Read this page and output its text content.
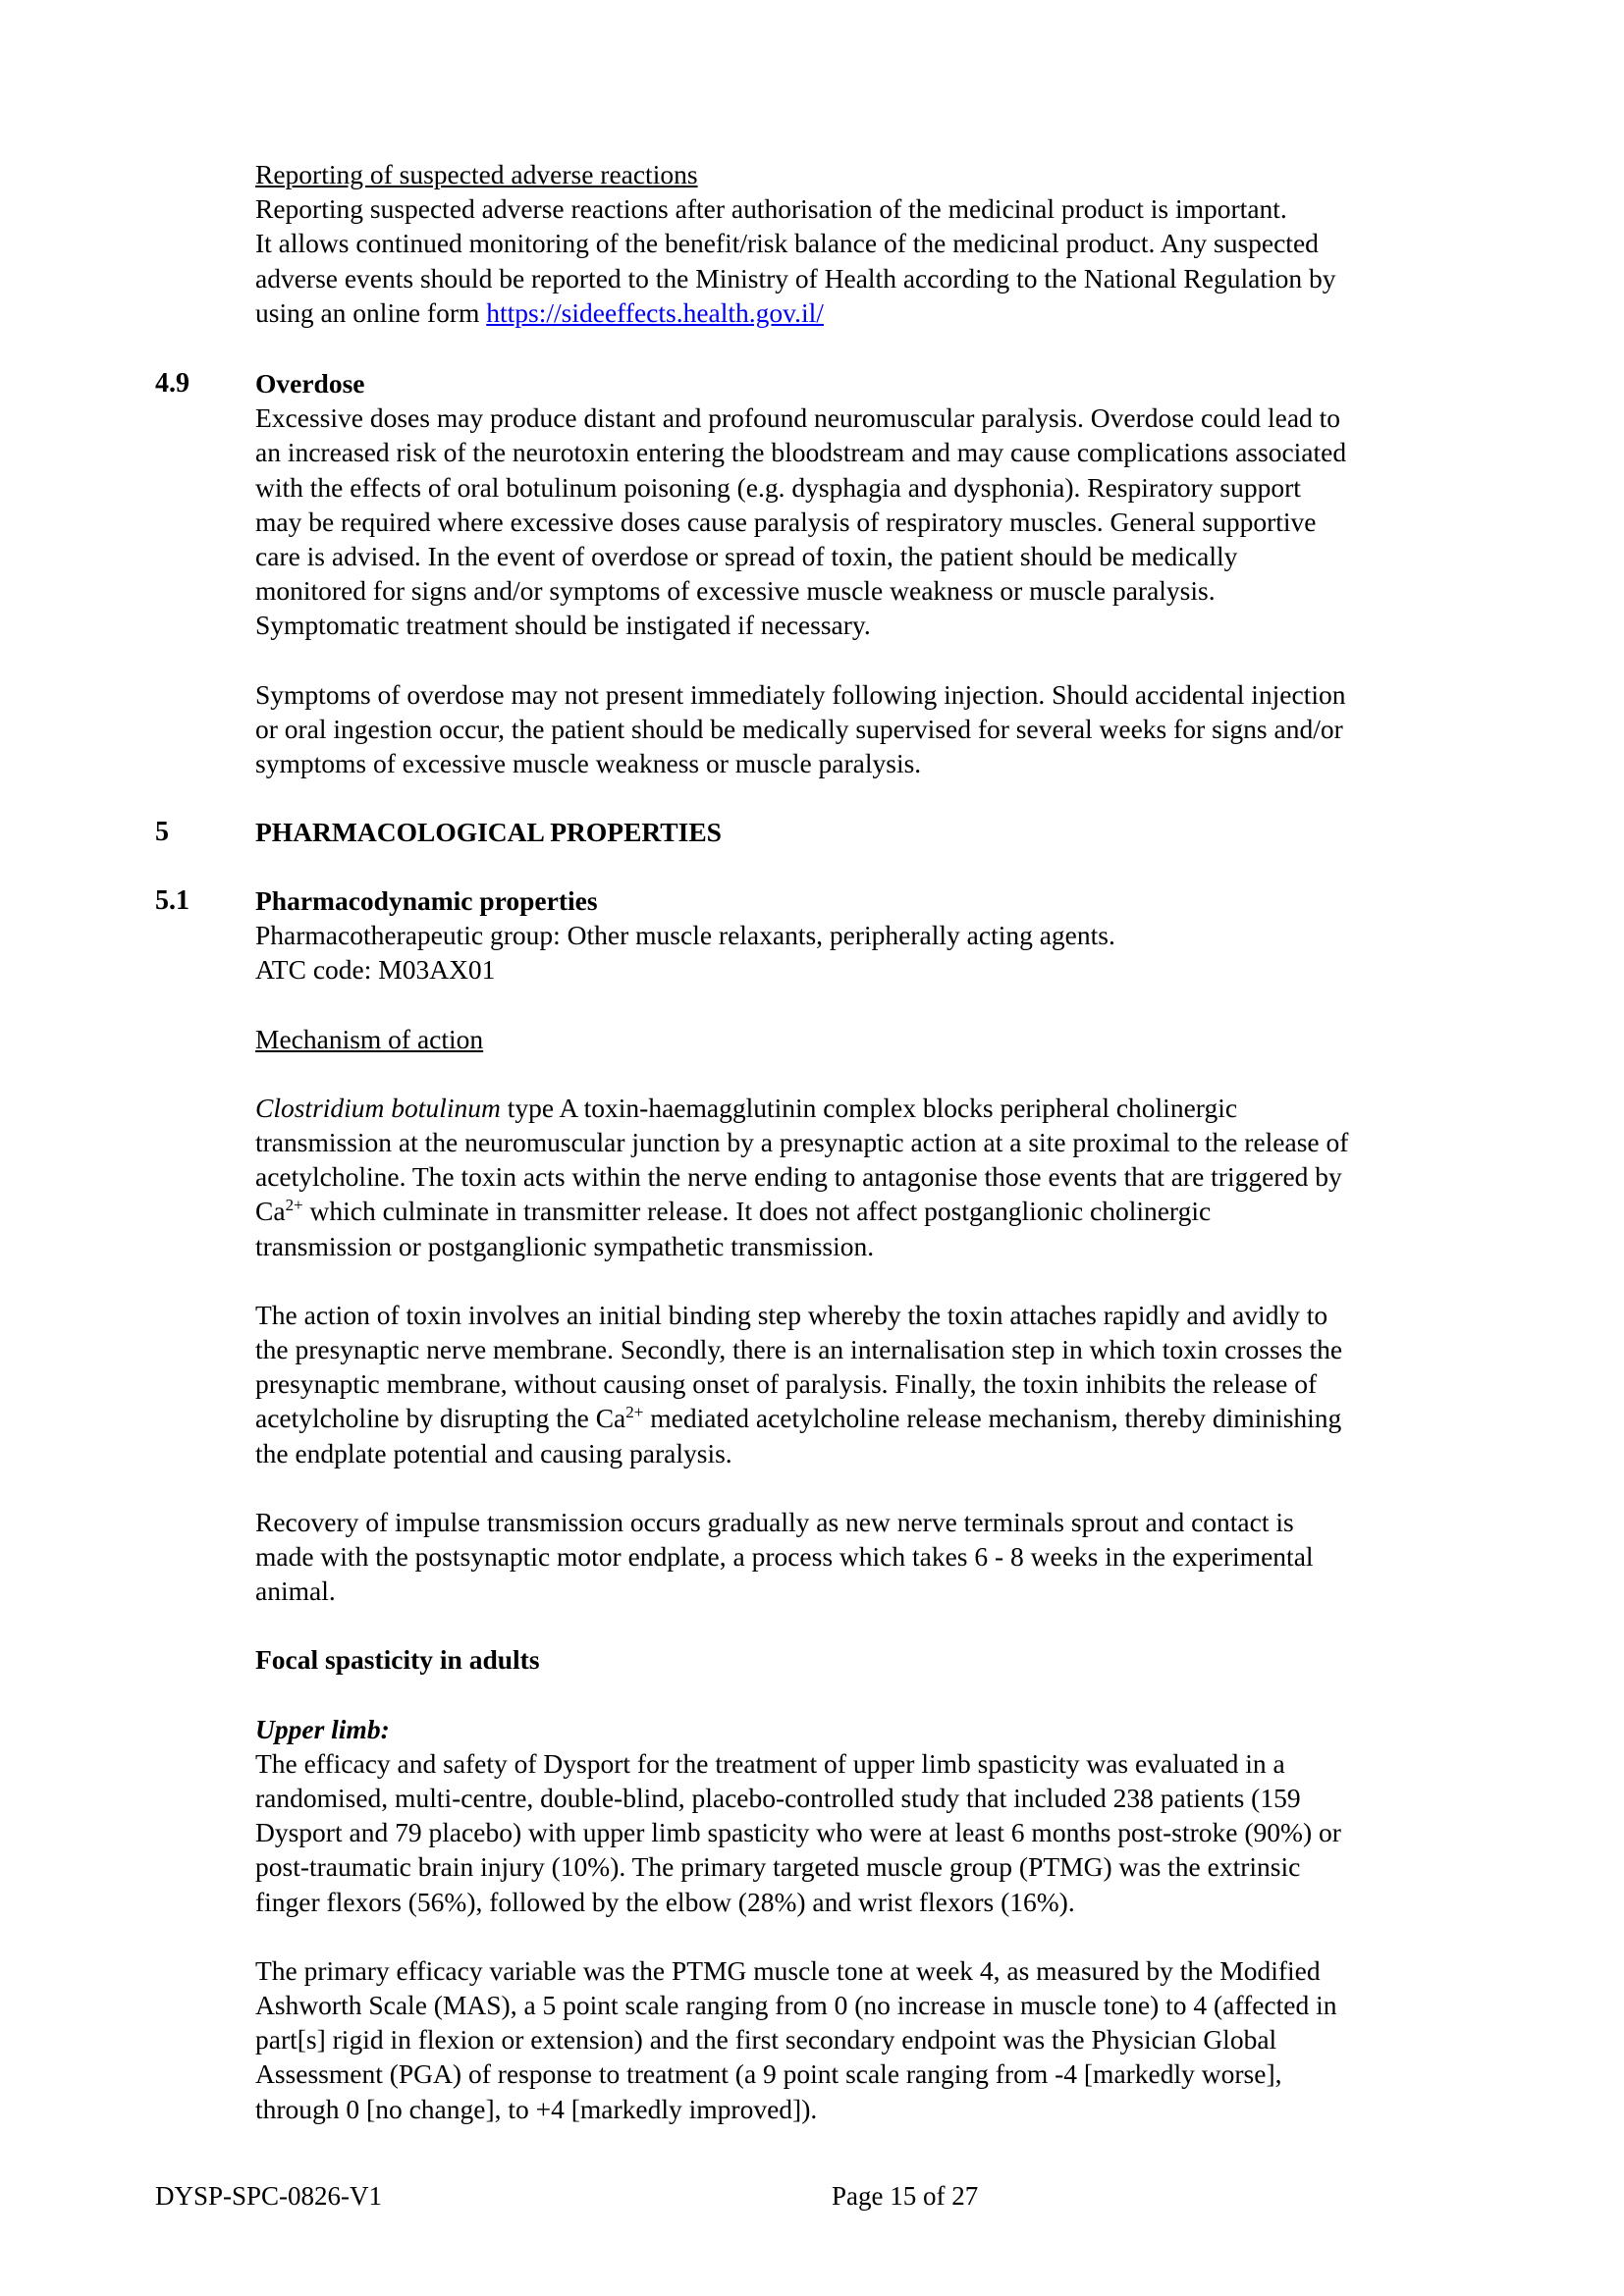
Reporting of suspected adverse reactions

Reporting suspected adverse reactions after authorisation of the medicinal product is important.

It allows continued monitoring of the benefit/risk balance of the medicinal product. Any suspected

adverse events should be reported to the Ministry of Health according to the National Regulation by

using an online form https://sideeffects.health.gov.il/

4.9 Overdose

Excessive doses may produce distant and profound neuromuscular paralysis. Overdose could lead to

an increased risk of the neurotoxin entering the bloodstream and may cause complications associated

with the effects of oral botulinum poisoning (e.g. dysphagia and dysphonia). Respiratory support

may be required where excessive doses cause paralysis of respiratory muscles. General supportive

care is advised. In the event of overdose or spread of toxin, the patient should be medically

monitored for signs and/or symptoms of excessive muscle weakness or muscle paralysis.

Symptomatic treatment should be instigated if necessary.

Symptoms of overdose may not present immediately following injection. Should accidental injection

or oral ingestion occur, the patient should be medically supervised for several weeks for signs and/or

symptoms of excessive muscle weakness or muscle paralysis.

5	PHARMACOLOGICAL PROPERTIES

5.1 Pharmacodynamic properties

Pharmacotherapeutic group: Other muscle relaxants, peripherally acting agents.

ATC code: M03AX01

Mechanism of action

Clostridium botulinum type A toxin-haemagglutinin complex blocks peripheral cholinergic

transmission at the neuromuscular junction by a presynaptic action at a site proximal to the release of

acetylcholine. The toxin acts within the nerve ending to antagonise those events that are triggered by

$Ca^{2+}$ which culminate in transmitter release. It does not affect postganglionic cholinergic

transmission or postganglionic sympathetic transmission.

The action of toxin involves an initial binding step whereby the toxin attaches rapidly and avidly to

the presynaptic nerve membrane. Secondly, there is an internalisation step in which toxin crosses the

presynaptic membrane, without causing onset of paralysis. Finally, the toxin inhibits the release of

acetylcholine by disrupting the $Ca^{2+}$ mediated acetylcholine release mechanism, thereby diminishing

the endplate potential and causing paralysis.

Recovery of impulse transmission occurs gradually as new nerve terminals sprout and contact is

made with the postsynaptic motor endplate, a process which takes 6 - 8 weeks in the experimental

animal.

Focal spasticity in adults

Upper limb:

The efficacy and safety of Dysport for the treatment of upper limb spasticity was evaluated in a

randomised, multi-centre, double-blind, placebo-controlled study that included 238 patients (159

Dysport and 79 placebo) with upper limb spasticity who were at least 6 months post-stroke (90%) or

post-traumatic brain injury (10%). The primary targeted muscle group (PTMG) was the extrinsic

finger flexors (56%), followed by the elbow (28%) and wrist flexors (16%).

The primary efficacy variable was the PTMG muscle tone at week 4, as measured by the Modified

Ashworth Scale (MAS), a 5 point scale ranging from 0 (no increase in muscle tone) to 4 (affected in

part[s] rigid in flexion or extension) and the first secondary endpoint was the Physician Global

Assessment (PGA) of response to treatment (a 9 point scale ranging from -4 [markedly worse],

through 0 [no change], to +4 [markedly improved]).

DYSP-SPC-0826-V1	Page 15 of 27
